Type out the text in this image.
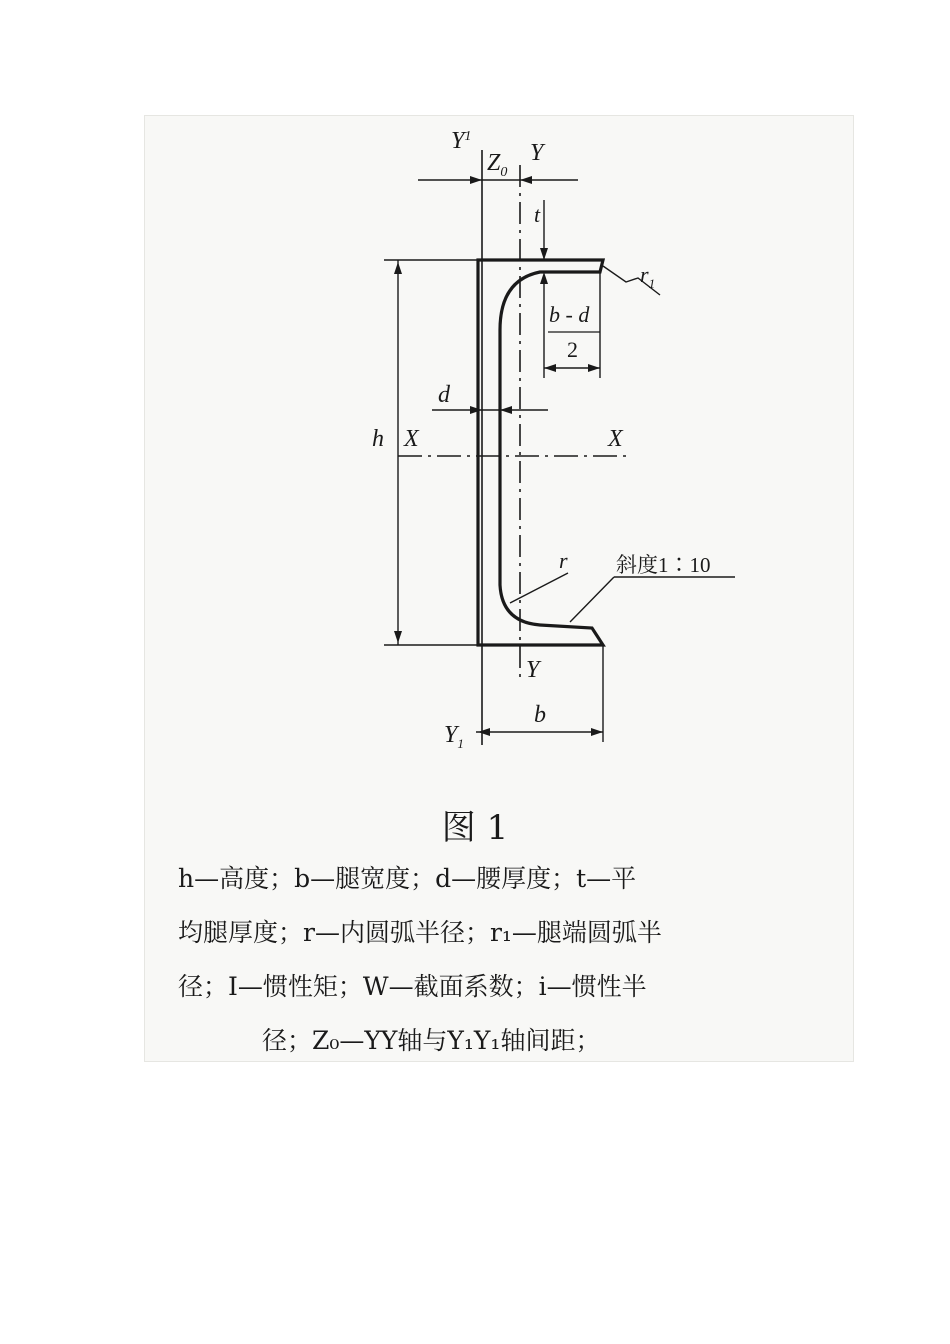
$Y^1$
$Z_0$
Y
t
$r_1$
b - d
2
d
h X	X
r 斜度1∶10
Y
$Y_1$
b
图 1
h—高度；b—腿宽度；d—腰厚度；t—平
均腿厚度；r—内圆弧半径；r₁—腿端圆弧半
径；I—惯性矩；W—截面系数；i—惯性半
径；Z₀—YY轴与Y₁Y₁轴间距；
